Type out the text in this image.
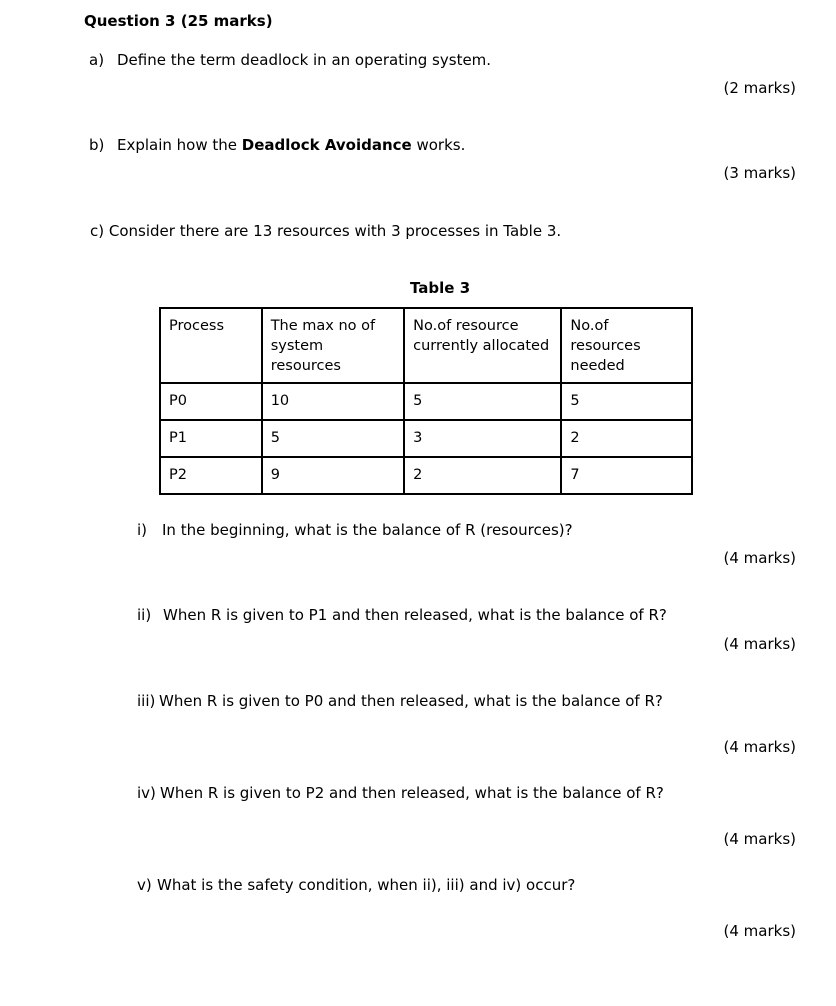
Question 3 (25 marks)
a) Define the term deadlock in an operating system.
(2 marks)
b) Explain how the Deadlock Avoidance works.
(3 marks)
c) Consider there are 13 resources with 3 processes in Table 3.
Table 3
Process	The max no of system resources	No.of resource currently allocated	No.of resources needed
P0	10	5	5
P1	5	3	2
P2	9	2	7
i) In the beginning, what is the balance of R (resources)?
(4 marks)
ii) When R is given to P1 and then released, what is the balance of R?
(4 marks)
iii) When R is given to P0 and then released, what is the balance of R?
(4 marks)
iv) When R is given to P2 and then released, what is the balance of R?
(4 marks)
v) What is the safety condition, when ii), iii) and iv) occur?
(4 marks)
